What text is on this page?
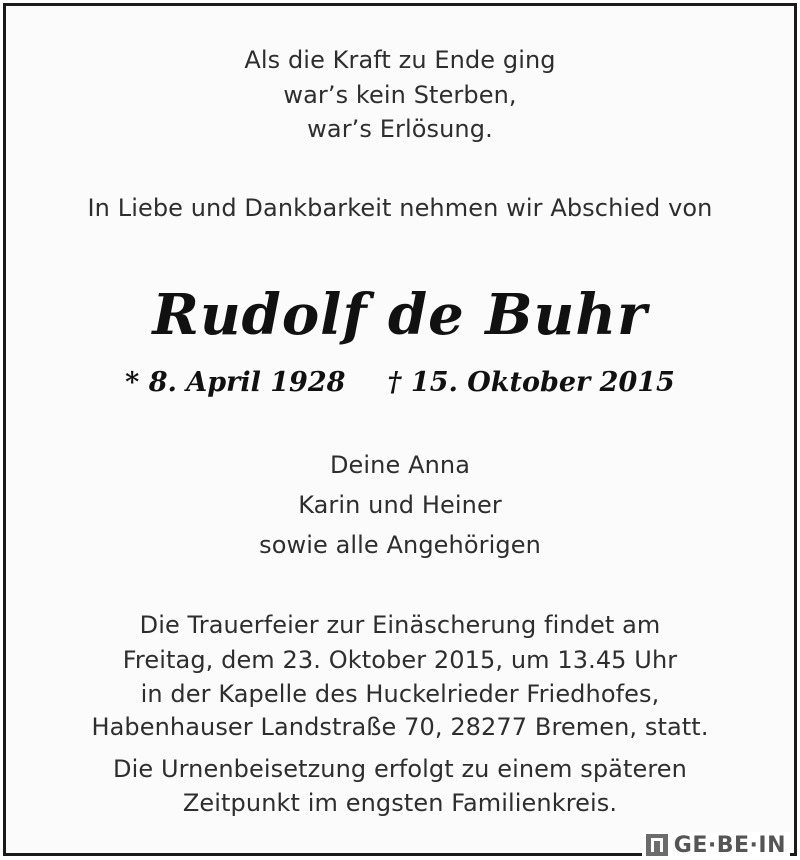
Als die Kraft zu Ende ging
war’s kein Sterben,
war’s Erlösung.
In Liebe und Dankbarkeit nehmen wir Abschied von
Rudolf de Buhr
* 8. April 1928 † 15. Oktober 2015
Deine Anna
Karin und Heiner
sowie alle Angehörigen
Die Trauerfeier zur Einäscherung findet am
Freitag, dem 23. Oktober 2015, um 13.45 Uhr
in der Kapelle des Huckelrieder Friedhofes,
Habenhauser Landstraße 70, 28277 Bremen, statt.
Die Urnenbeisetzung erfolgt zu einem späteren
Zeitpunkt im engsten Familienkreis.
GE·BE·IN
